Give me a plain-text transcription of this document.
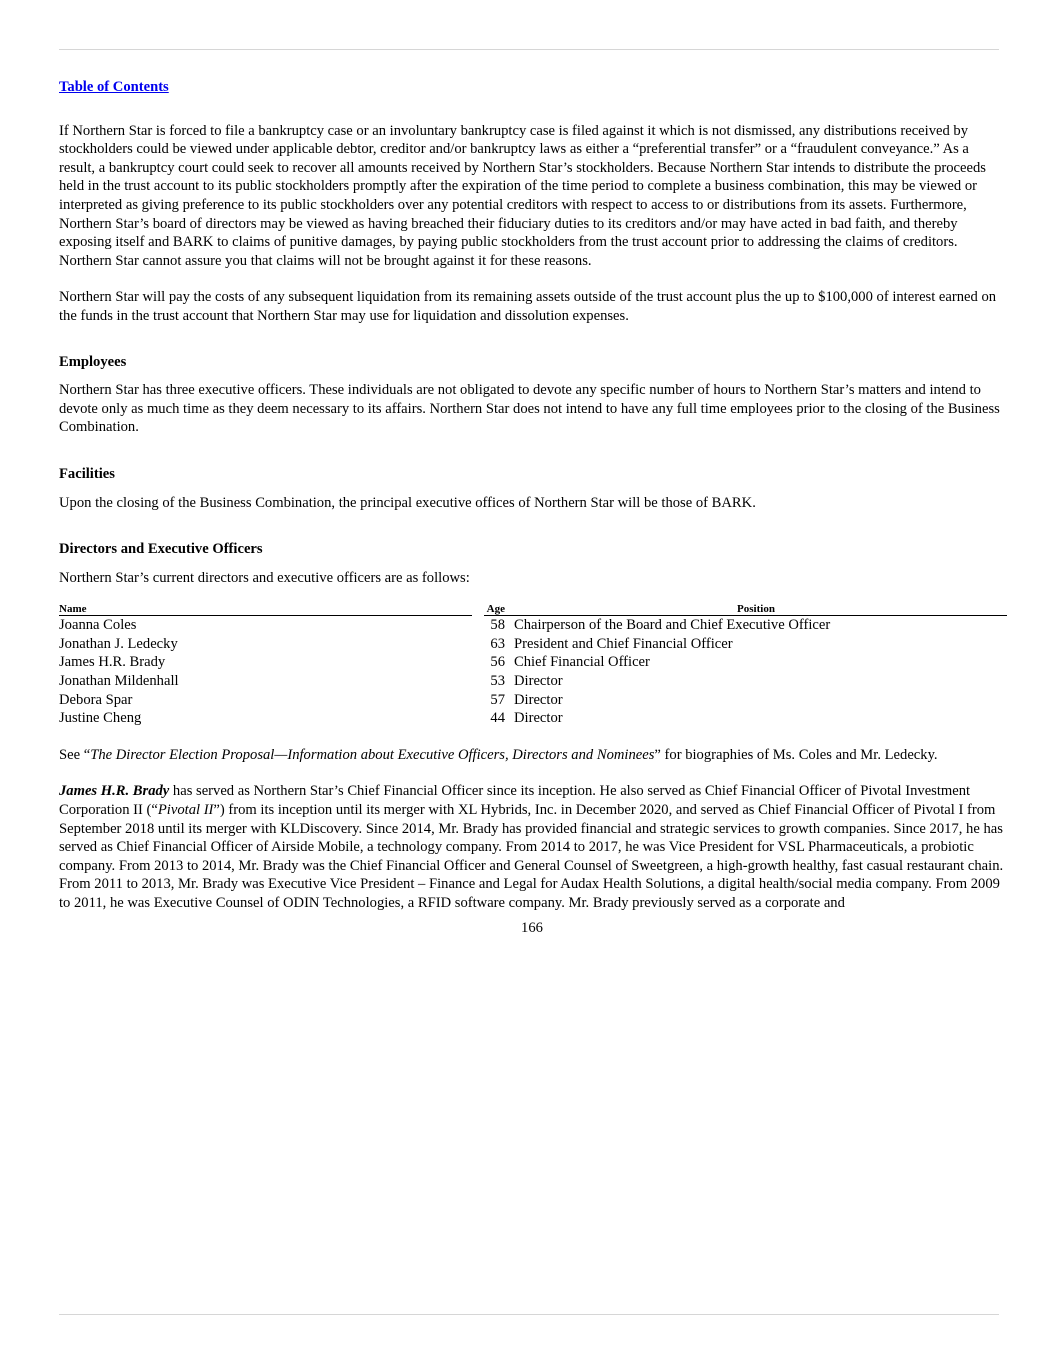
Table of Contents

If Northern Star is forced to file a bankruptcy case or an involuntary bankruptcy case is filed against it which is not dismissed, any distributions received by stockholders could be viewed under applicable debtor, creditor and/or bankruptcy laws as either a “preferential transfer” or a “fraudulent conveyance.” As a result, a bankruptcy court could seek to recover all amounts received by Northern Star’s stockholders. Because Northern Star intends to distribute the proceeds held in the trust account to its public stockholders promptly after the expiration of the time period to complete a business combination, this may be viewed or interpreted as giving preference to its public stockholders over any potential creditors with respect to access to or distributions from its assets. Furthermore, Northern Star’s board of directors may be viewed as having breached their fiduciary duties to its creditors and/or may have acted in bad faith, and thereby exposing itself and BARK to claims of punitive damages, by paying public stockholders from the trust account prior to addressing the claims of creditors. Northern Star cannot assure you that claims will not be brought against it for these reasons.

Northern Star will pay the costs of any subsequent liquidation from its remaining assets outside of the trust account plus the up to $100,000 of interest earned on the funds in the trust account that Northern Star may use for liquidation and dissolution expenses.

Employees

Northern Star has three executive officers. These individuals are not obligated to devote any specific number of hours to Northern Star’s matters and intend to devote only as much time as they deem necessary to its affairs. Northern Star does not intend to have any full time employees prior to the closing of the Business Combination.

Facilities

Upon the closing of the Business Combination, the principal executive offices of Northern Star will be those of BARK.

Directors and Executive Officers

Northern Star’s current directors and executive officers are as follows:

Name		Age	Position
Joanna Coles		58	Chairperson of the Board and Chief Executive Officer
Jonathan J. Ledecky		63	President and Chief Financial Officer
James H.R. Brady		56	Chief Financial Officer
Jonathan Mildenhall		53	Director
Debora Spar		57	Director
Justine Cheng		44	Director

See “The Director Election Proposal—Information about Executive Officers, Directors and Nominees” for biographies of Ms. Coles and Mr. Ledecky.

James H.R. Brady has served as Northern Star’s Chief Financial Officer since its inception. He also served as Chief Financial Officer of Pivotal Investment Corporation II (“Pivotal II”) from its inception until its merger with XL Hybrids, Inc. in December 2020, and served as Chief Financial Officer of Pivotal I from September 2018 until its merger with KLDiscovery. Since 2014, Mr. Brady has provided financial and strategic services to growth companies. Since 2017, he has served as Chief Financial Officer of Airside Mobile, a technology company. From 2014 to 2017, he was Vice President for VSL Pharmaceuticals, a probiotic company. From 2013 to 2014, Mr. Brady was the Chief Financial Officer and General Counsel of Sweetgreen, a high-growth healthy, fast casual restaurant chain. From 2011 to 2013, Mr. Brady was Executive Vice President – Finance and Legal for Audax Health Solutions, a digital health/social media company. From 2009 to 2011, he was Executive Counsel of ODIN Technologies, a RFID software company. Mr. Brady previously served as a corporate and

166
